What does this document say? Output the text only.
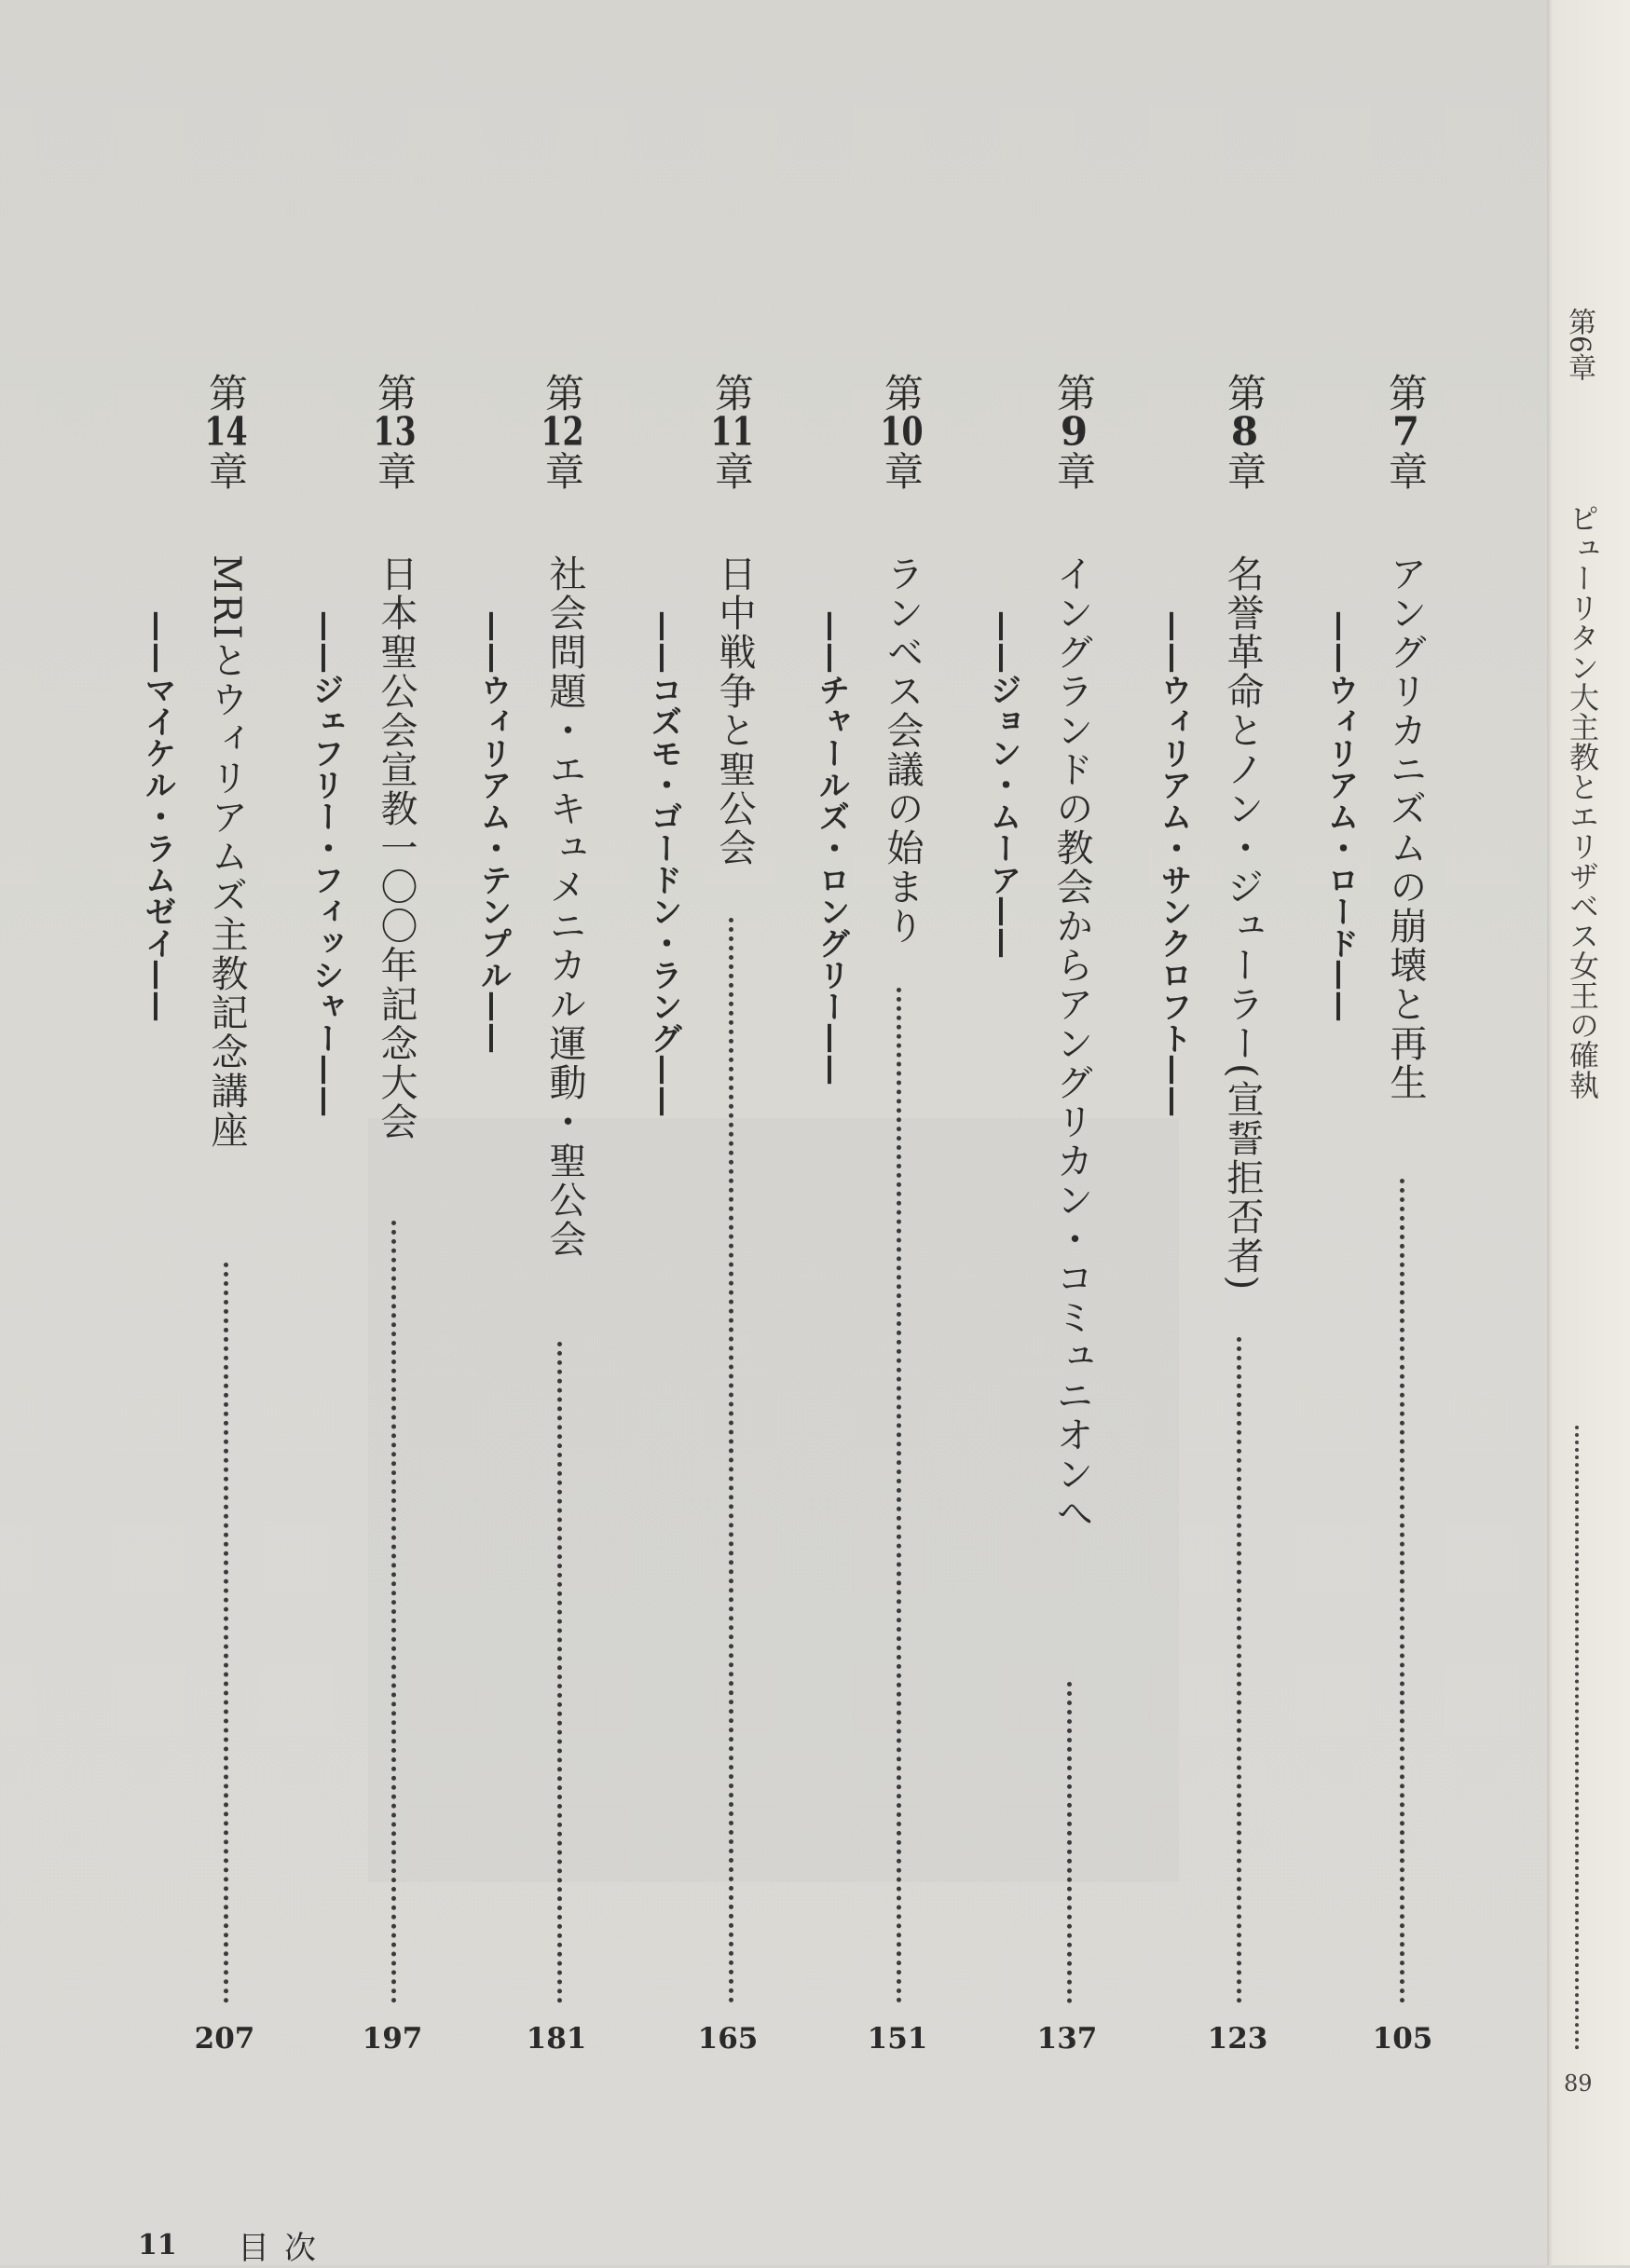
第7章
アングリカニズムの崩壊と再生
——ウィリアム・ロード——
105
第8章
名誉革命とノン・ジューラー(宣誓拒否者)
——ウィリアム・サンクロフト——
123
第9章
イングランドの教会からアングリカン・コミュニオンへ
——ジョン・ムーア——
137
第10章
ランベス会議の始まり
——チャールズ・ロングリー——
151
第11章
日中戦争と聖公会
——コズモ・ゴードン・ラング——
165
第12章
社会問題・エキュメニカル運動・聖公会
——ウィリアム・テンプル——
181
第13章
日本聖公会宣教一〇〇年記念大会
——ジェフリー・フィッシャー——
197
第14章
MRIとウィリアムズ主教記念講座
——マイケル・ラムゼイ——
207
11 目次
第6章
ピューリタン大主教とエリザベス女王の確執
89
